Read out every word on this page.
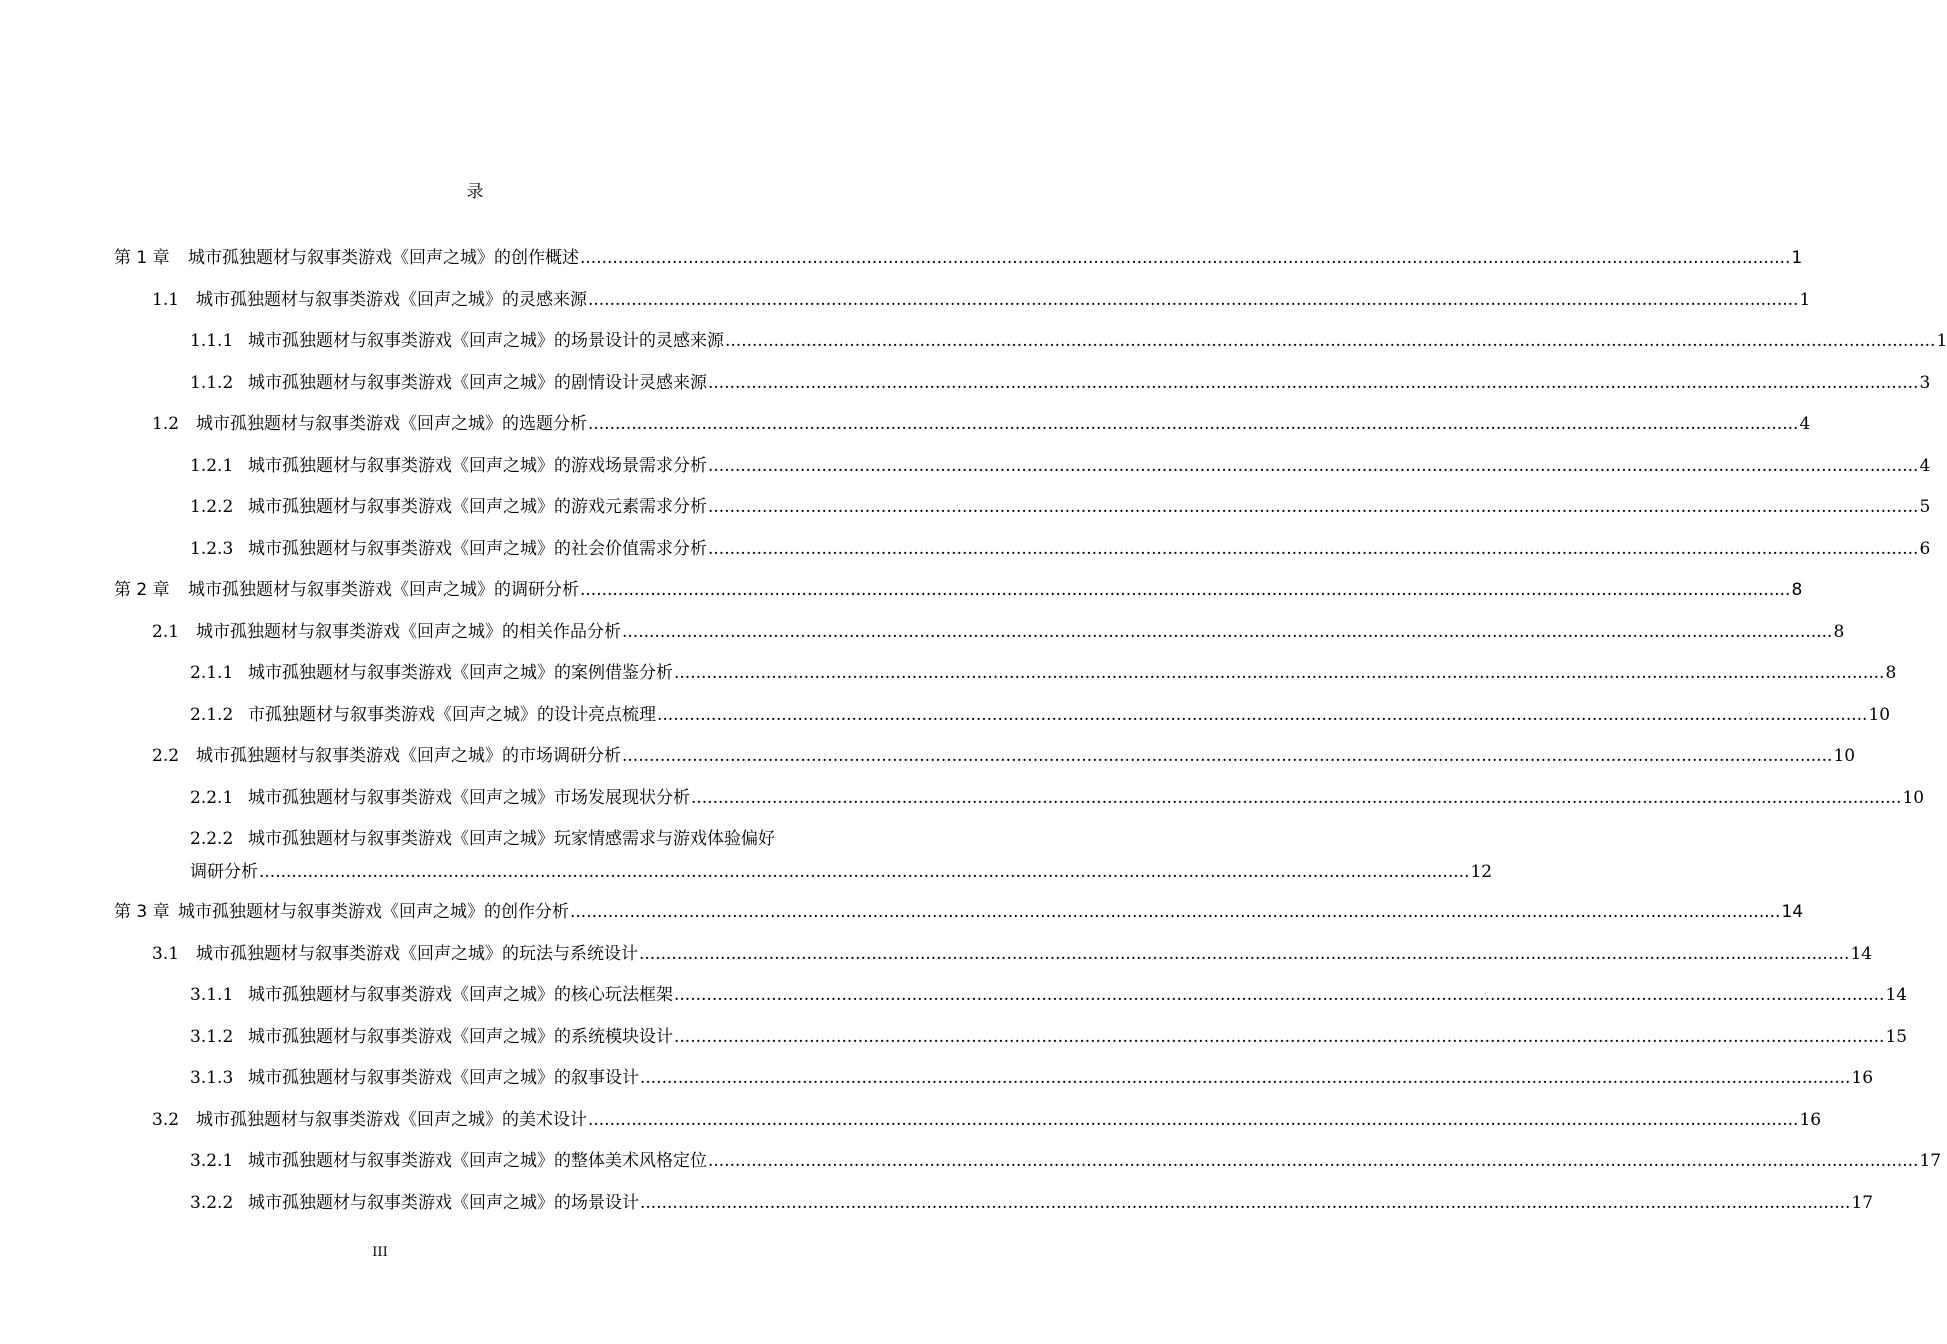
录
第 1 章	城市孤独题材与叙事类游戏《回声之城》的创作概述 .....	1
1.1 城市孤独题材与叙事类游戏《回声之城》的灵感来源 .....	1
1.1.1 城市孤独题材与叙事类游戏《回声之城》的场景设计的灵感来源 .....	1
1.1.2 城市孤独题材与叙事类游戏《回声之城》的剧情设计灵感来源 .....	3
1.2 城市孤独题材与叙事类游戏《回声之城》的选题分析 .....	4
1.2.1 城市孤独题材与叙事类游戏《回声之城》的游戏场景需求分析 .....	4
1.2.2 城市孤独题材与叙事类游戏《回声之城》的游戏元素需求分析 .....	5
1.2.3 城市孤独题材与叙事类游戏《回声之城》的社会价值需求分析 .....	6
第 2 章	城市孤独题材与叙事类游戏《回声之城》的调研分析 .....	8
2.1 城市孤独题材与叙事类游戏《回声之城》的相关作品分析 .....	8
2.1.1 城市孤独题材与叙事类游戏《回声之城》的案例借鉴分析 .....	8
2.1.2 市孤独题材与叙事类游戏《回声之城》的设计亮点梳理 .....	10
2.2 城市孤独题材与叙事类游戏《回声之城》的市场调研分析 .....	10
2.2.1 城市孤独题材与叙事类游戏《回声之城》市场发展现状分析 .....	10
2.2.2 城市孤独题材与叙事类游戏《回声之城》玩家情感需求与游戏体验偏好
调研分析 .....	12
第 3 章 城市孤独题材与叙事类游戏《回声之城》的创作分析 .....	14
3.1 城市孤独题材与叙事类游戏《回声之城》的玩法与系统设计 .....	14
3.1.1 城市孤独题材与叙事类游戏《回声之城》的核心玩法框架 .....	14
3.1.2 城市孤独题材与叙事类游戏《回声之城》的系统模块设计 .....	15
3.1.3 城市孤独题材与叙事类游戏《回声之城》的叙事设计 .....	16
3.2 城市孤独题材与叙事类游戏《回声之城》的美术设计 .....	16
3.2.1 城市孤独题材与叙事类游戏《回声之城》的整体美术风格定位 .....	17
3.2.2 城市孤独题材与叙事类游戏《回声之城》的场景设计 .....	17
III
